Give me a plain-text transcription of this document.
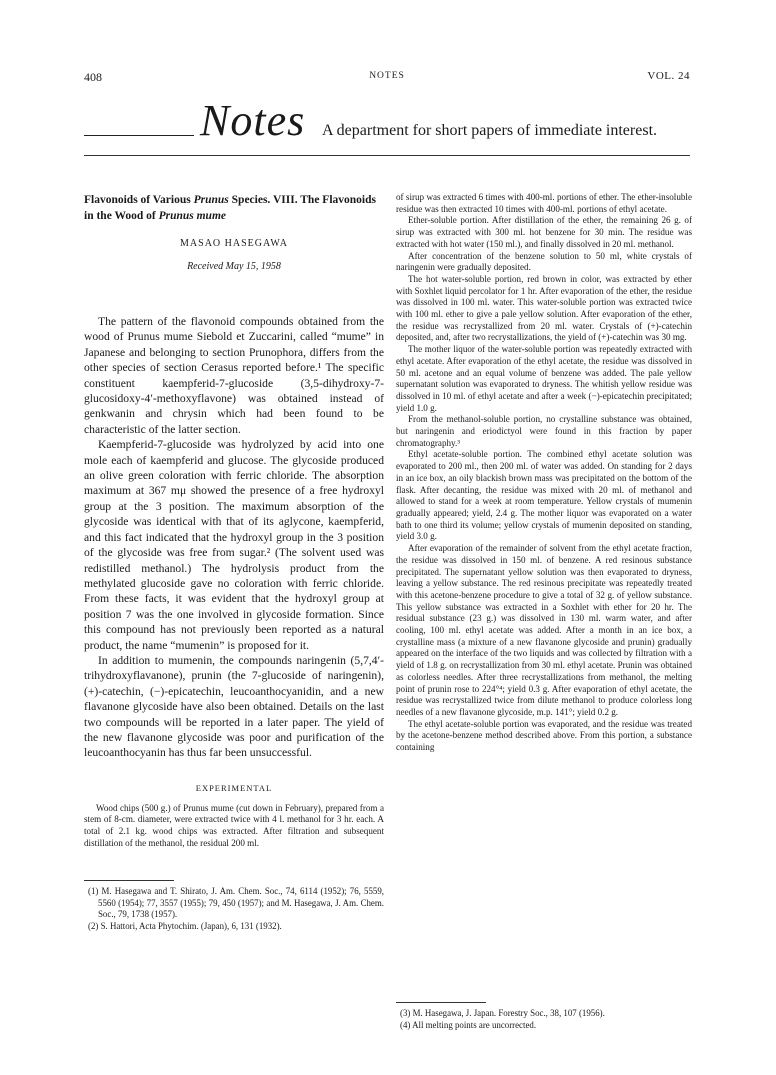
408	NOTES	VOL. 24
Notes A department for short papers of immediate interest.
Flavonoids of Various Prunus Species. VIII. The Flavonoids in the Wood of Prunus mume
MASAO HASEGAWA
Received May 15, 1958

The pattern of the flavonoid compounds obtained from the wood of Prunus mume Siebold et Zuccarini, called “mume” in Japanese and belonging to section Prunophora, differs from the other species of section Cerasus reported before.¹ The specific constituent kaempferid-7-glucoside (3,5-dihydroxy-7-glucosidoxy-4′-methoxyflavone) was obtained instead of genkwanin and chrysin which had been found to be characteristic of the latter section.

Kaempferid-7-glucoside was hydrolyzed by acid into one mole each of kaempferid and glucose. The glycoside produced an olive green coloration with ferric chloride. The absorption maximum at 367 mμ showed the presence of a free hydroxyl group at the 3 position. The maximum absorption of the glycoside was identical with that of its aglycone, kaempferid, and this fact indicated that the hydroxyl group in the 3 position of the glycoside was free from sugar.² (The solvent used was redistilled methanol.) The hydrolysis product from the methylated glucoside gave no coloration with ferric chloride. From these facts, it was evident that the hydroxyl group at position 7 was the one involved in glycoside formation. Since this compound has not previously been reported as a natural product, the name “mumenin” is proposed for it.

In addition to mumenin, the compounds naringenin (5,7,4′-trihydroxyflavanone), prunin (the 7-glucoside of naringenin), (+)-catechin, (−)-epicatechin, leucoanthocyanidin, and a new flavanone glycoside have also been obtained. Details on the last two compounds will be reported in a later paper. The yield of the new flavanone glycoside was poor and purification of the leucoanthocyanin has thus far been unsuccessful.

EXPERIMENTAL

Wood chips (500 g.) of Prunus mume (cut down in February), prepared from a stem of 8-cm. diameter, were extracted twice with 4 l. methanol for 3 hr. each. A total of 2.1 kg. wood chips was extracted. After filtration and subsequent distillation of the methanol, the residual 200 ml.

(1) M. Hasegawa and T. Shirato, J. Am. Chem. Soc., 74, 6114 (1952); 76, 5559, 5560 (1954); 77, 3557 (1955); 79, 450 (1957); and M. Hasegawa, J. Am. Chem. Soc., 79, 1738 (1957).

(2) S. Hattori, Acta Phytochim. (Japan), 6, 131 (1932).

of sirup was extracted 6 times with 400-ml. portions of ether. The ether-insoluble residue was then extracted 10 times with 400-ml. portions of ethyl acetate.

Ether-soluble portion. After distillation of the ether, the remaining 26 g. of sirup was extracted with 300 ml. hot benzene for 30 min. The residue was extracted with hot water (150 ml.), and finally dissolved in 20 ml. methanol.

After concentration of the benzene solution to 50 ml, white crystals of naringenin were gradually deposited.

The hot water-soluble portion, red brown in color, was extracted by ether with Soxhlet liquid percolator for 1 hr. After evaporation of the ether, the residue was dissolved in 100 ml. water. This water-soluble portion was extracted twice with 100 ml. ether to give a pale yellow solution. After evaporation of the ether, the residue was recrystallized from 20 ml. water. Crystals of (+)-catechin deposited, and, after two recrystallizations, the yield of (+)-catechin was 30 mg.

The mother liquor of the water-soluble portion was repeatedly extracted with ethyl acetate. After evaporation of the ethyl acetate, the residue was dissolved in 50 ml. acetone and an equal volume of benzene was added. The pale yellow supernatant solution was evaporated to dryness. The whitish yellow residue was dissolved in 10 ml. of ethyl acetate and after a week (−)-epicatechin precipitated; yield 1.0 g.

From the methanol-soluble portion, no crystalline substance was obtained, but naringenin and eriodictyol were found in this fraction by paper chromatography.³

Ethyl acetate-soluble portion. The combined ethyl acetate solution was evaporated to 200 ml., then 200 ml. of water was added. On standing for 2 days in an ice box, an oily blackish brown mass was precipitated on the bottom of the flask. After decanting, the residue was mixed with 20 ml. of methanol and allowed to stand for a week at room temperature. Yellow crystals of mumenin gradually appeared; yield, 2.4 g. The mother liquor was evaporated on a water bath to one third its volume; yellow crystals of mumenin deposited on standing, yield 3.0 g.

After evaporation of the remainder of solvent from the ethyl acetate fraction, the residue was dissolved in 150 ml. of benzene. A red resinous substance precipitated. The supernatant yellow solution was then evaporated to dryness, leaving a yellow substance. The red resinous precipitate was repeatedly treated with this acetone-benzene procedure to give a total of 32 g. of yellow substance. This yellow substance was extracted in a Soxhlet with ether for 20 hr. The residual substance (23 g.) was dissolved in 130 ml. warm water, and after cooling, 100 ml. ethyl acetate was added. After a month in an ice box, a crystalline mass (a mixture of a new flavanone glycoside and prunin) gradually appeared on the interface of the two liquids and was collected by filtration with a yield of 1.8 g. on recrystallization from 30 ml. ethyl acetate. Prunin was obtained as colorless needles. After three recrystallizations from methanol, the melting point of prunin rose to 224°⁴; yield 0.3 g. After evaporation of ethyl acetate, the residue was recrystallized twice from dilute methanol to produce colorless long needles of a new flavanone glycoside, m.p. 141°; yield 0.2 g.

The ethyl acetate-soluble portion was evaporated, and the residue was treated by the acetone-benzene method described above. From this portion, a substance containing

(3) M. Hasegawa, J. Japan. Forestry Soc., 38, 107 (1956).

(4) All melting points are uncorrected.
